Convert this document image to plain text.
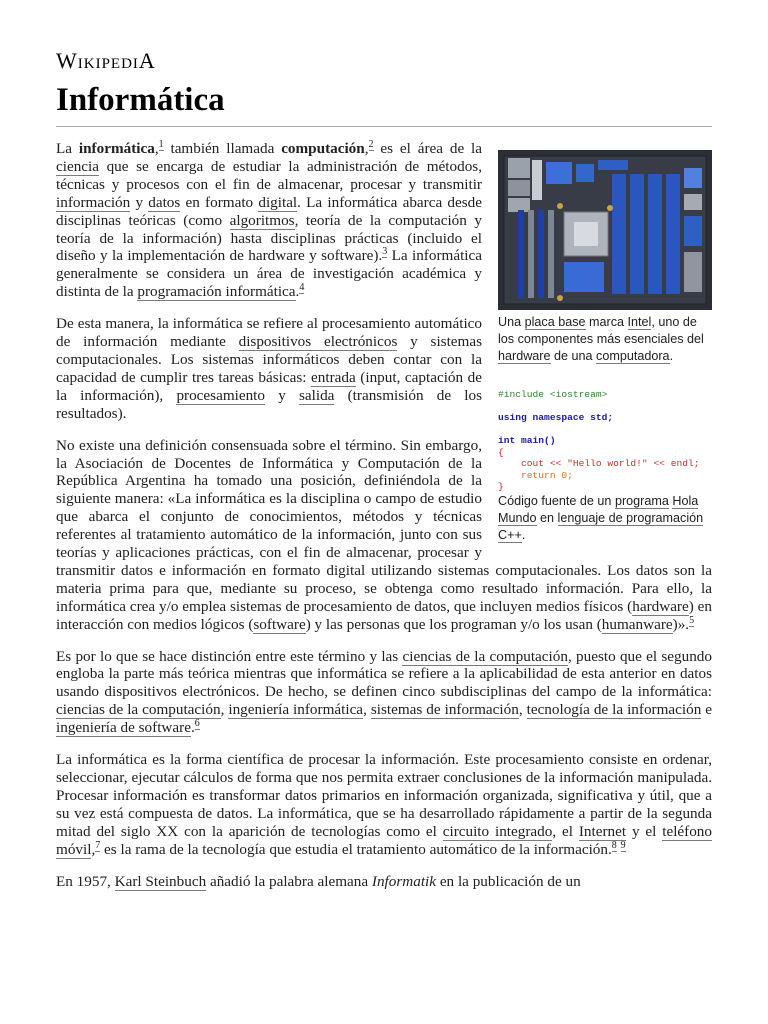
WikipediA
Informática
Una placa base marca Intel, uno de los componentes más esenciales del hardware de una computadora.
#include <iostream>

using namespace std;

int main()
{
cout << "Hello world!" << endl;
return 0;
}
Código fuente de un programa Hola Mundo en lenguaje de programación C++.

La informática,$^1$ también llamada computación,$^2$ es el área de la ciencia que se encarga de estudiar la administración de métodos, técnicas y procesos con el fin de almacenar, procesar y transmitir información y datos en formato digital. La informática abarca desde disciplinas teóricas (como algoritmos, teoría de la computación y teoría de la información) hasta disciplinas prácticas (incluido el diseño y la implementación de hardware y software).$^3$ La informática generalmente se considera un área de investigación académica y distinta de la programación informática.$^4$

De esta manera, la informática se refiere al procesamiento automático de información mediante dispositivos electrónicos y sistemas computacionales. Los sistemas informáticos deben contar con la capacidad de cumplir tres tareas básicas: entrada (input, captación de la información), procesamiento y salida (transmisión de los resultados).

No existe una definición consensuada sobre el término. Sin embargo, la Asociación de Docentes de Informática y Computación de la República Argentina ha tomado una posición, definiéndola de la siguiente manera: «La informática es la disciplina o campo de estudio que abarca el conjunto de conocimientos, métodos y técnicas referentes al tratamiento automático de la información, junto con sus teorías y aplicaciones prácticas, con el fin de almacenar, procesar y transmitir datos e información en formato digital utilizando sistemas computacionales. Los datos son la materia prima para que, mediante su proceso, se obtenga como resultado información. Para ello, la informática crea y/o emplea sistemas de procesamiento de datos, que incluyen medios físicos (hardware) en interacción con medios lógicos (software) y las personas que los programan y/o los usan (humanware)».$^5$

Es por lo que se hace distinción entre este término y las ciencias de la computación, puesto que el segundo engloba la parte más teórica mientras que informática se refiere a la aplicabilidad de esta anterior en datos usando dispositivos electrónicos. De hecho, se definen cinco subdisciplinas del campo de la informática: ciencias de la computación, ingeniería informática, sistemas de información, tecnología de la información e ingeniería de software.$^6$

La informática es la forma científica de procesar la información. Este procesamiento consiste en ordenar, seleccionar, ejecutar cálculos de forma que nos permita extraer conclusiones de la información manipulada. Procesar información es transformar datos primarios en información organizada, significativa y útil, que a su vez está compuesta de datos. La informática, que se ha desarrollado rápidamente a partir de la segunda mitad del siglo XX con la aparición de tecnologías como el circuito integrado, el Internet y el teléfono móvil,$^7$ es la rama de la tecnología que estudia el tratamiento automático de la información.$^8$ $^9$

En 1957, Karl Steinbuch añadió la palabra alemana Informatik en la publicación de un
